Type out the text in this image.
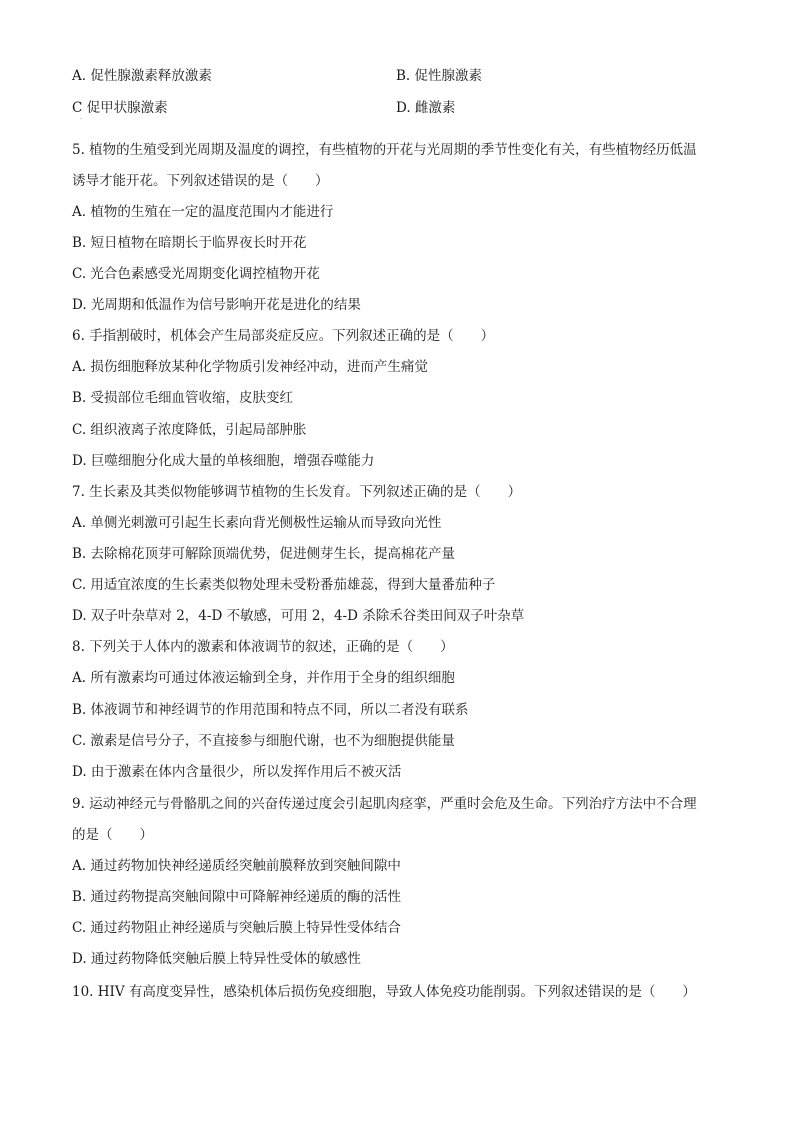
A. 促性腺激素释放激素	B. 促性腺激素
C 促甲状腺激素	D. 雌激素
·
5. 植物的生殖受到光周期及温度的调控，有些植物的开花与光周期的季节性变化有关，有些植物经历低温
诱导才能开花。下列叙述错误的是（　　）
A. 植物的生殖在一定的温度范围内才能进行
B. 短日植物在暗期长于临界夜长时开花
C. 光合色素感受光周期变化调控植物开花
D. 光周期和低温作为信号影响开花是进化的结果
6. 手指割破时，机体会产生局部炎症反应。下列叙述正确的是（　　）
A. 损伤细胞释放某种化学物质引发神经冲动，进而产生痛觉
B. 受损部位毛细血管收缩，皮肤变红
C. 组织液离子浓度降低，引起局部肿胀
D. 巨噬细胞分化成大量的单核细胞，增强吞噬能力
7. 生长素及其类似物能够调节植物的生长发育。下列叙述正确的是（　　）
A. 单侧光刺激可引起生长素向背光侧极性运输从而导致向光性
B. 去除棉花顶芽可解除顶端优势，促进侧芽生长，提高棉花产量
C. 用适宜浓度的生长素类似物处理未受粉番茄雄蕊，得到大量番茄种子
D. 双子叶杂草对 2，4-D 不敏感，可用 2，4-D 杀除禾谷类田间双子叶杂草
8. 下列关于人体内的激素和体液调节的叙述，正确的是（　　）
A. 所有激素均可通过体液运输到全身，并作用于全身的组织细胞
B. 体液调节和神经调节的作用范围和特点不同，所以二者没有联系
C. 激素是信号分子，不直接参与细胞代谢，也不为细胞提供能量
D. 由于激素在体内含量很少，所以发挥作用后不被灭活
9. 运动神经元与骨骼肌之间的兴奋传递过度会引起肌肉痉挛，严重时会危及生命。下列治疗方法中不合理
的是（　　）
A. 通过药物加快神经递质经突触前膜释放到突触间隙中
B. 通过药物提高突触间隙中可降解神经递质的酶的活性
C. 通过药物阻止神经递质与突触后膜上特异性受体结合
D. 通过药物降低突触后膜上特异性受体的敏感性
10. HIV 有高度变异性，感染机体后损伤免疫细胞，导致人体免疫功能削弱。下列叙述错误的是（　　）
